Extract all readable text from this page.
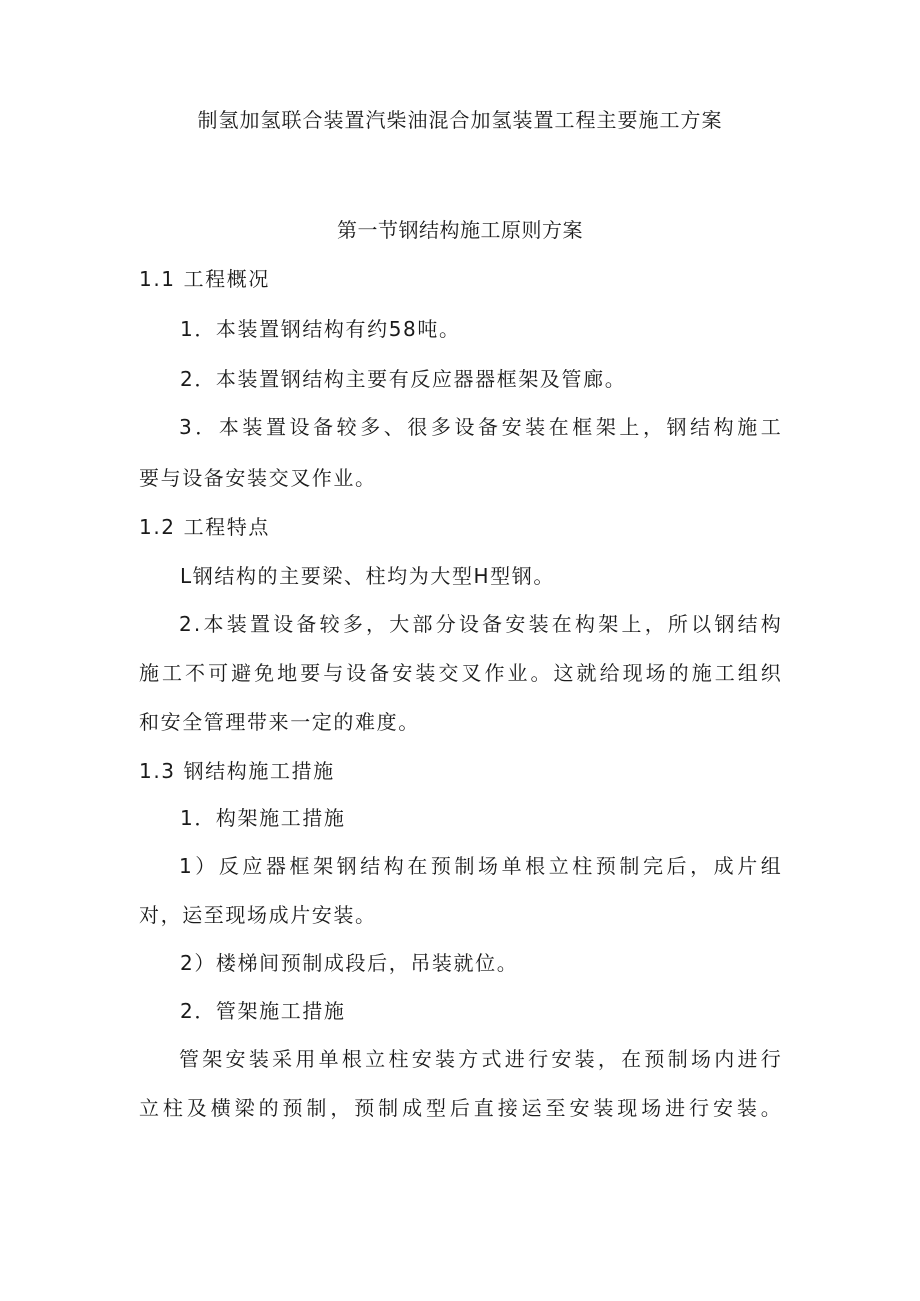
制氢加氢联合装置汽柴油混合加氢装置工程主要施工方案

第一节钢结构施工原则方案

1.1 工程概况

1．本装置钢结构有约58吨。

2．本装置钢结构主要有反应器器框架及管廊。

3．本装置设备较多、很多设备安装在框架上，钢结构施工

要与设备安装交叉作业。

1.2 工程特点

L钢结构的主要梁、柱均为大型H型钢。

2.本装置设备较多，大部分设备安装在构架上，所以钢结构

施工不可避免地要与设备安装交叉作业。这就给现场的施工组织

和安全管理带来一定的难度。

1.3 钢结构施工措施

1．构架施工措施

1）反应器框架钢结构在预制场单根立柱预制完后，成片组

对，运至现场成片安装。

2）楼梯间预制成段后，吊装就位。

2．管架施工措施

管架安装采用单根立柱安装方式进行安装，在预制场内进行

立柱及横梁的预制，预制成型后直接运至安装现场进行安装。
